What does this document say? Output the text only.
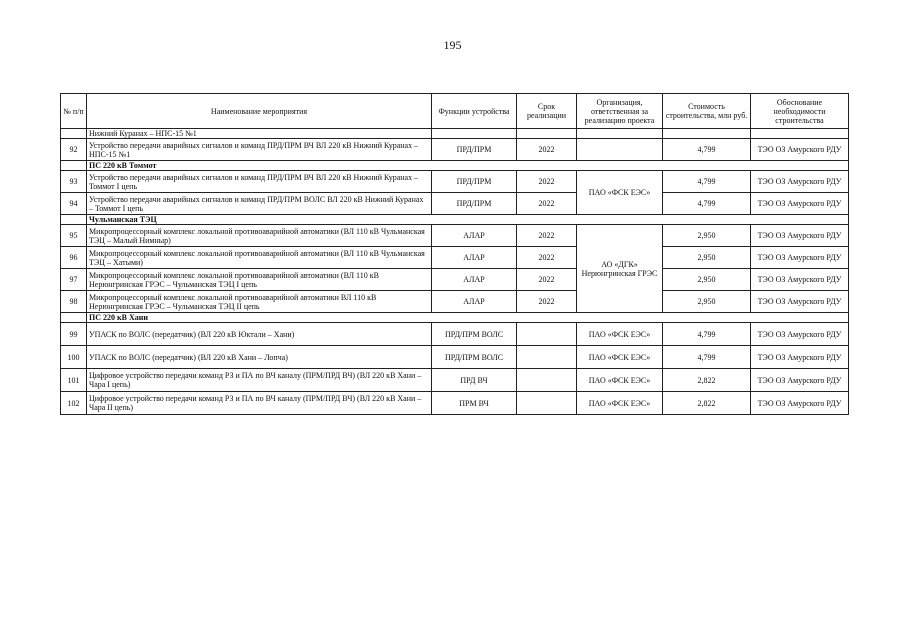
195
№ п/п	Наименование мероприятия	Функции устройства	Срок реализации	Организация, ответственная за реализацию проекта	Стоимость строительства, млн руб.	Обоснование необходимости строительства
	Нижний Куранах – НПС-15 №1					
92	Устройство передачи аварийных сигналов и команд ПРД/ПРМ ВЧ ВЛ 220 кВ Нижний Куранах – НПС-15 №1	ПРД/ПРМ	2022		4,799	ТЭО ОЗ Амурского РДУ
	ПС 220 кВ Томмот					
93	Устройство передачи аварийных сигналов и команд ПРД/ПРМ ВЧ ВЛ 220 кВ Нижний Куранах – Томмот I цепь	ПРД/ПРМ	2022	ПАО «ФСК ЕЭС»	4,799	ТЭО ОЗ Амурского РДУ
94	Устройство передачи аварийных сигналов и команд ПРД/ПРМ ВОЛС ВЛ 220 кВ Нижний Куранах – Томмот I цепь	ПРД/ПРМ	2022		4,799	ТЭО ОЗ Амурского РДУ
	Чульманская ТЭЦ					
95	Микропроцессорный комплекс локальной противоаварийной автоматики (ВЛ 110 кВ Чульманская ТЭЦ – Малый Нимныр)	АЛАР	2022	АО «ДГК» Нерюнгринская ГРЭС	2,950	ТЭО ОЗ Амурского РДУ
96	Микропроцессорный комплекс локальной противоаварийной автоматики (ВЛ 110 кВ Чульманская ТЭЦ – Хатыми)	АЛАР	2022		2,950	ТЭО ОЗ Амурского РДУ
97	Микропроцессорный комплекс локальной противоаварийной автоматики (ВЛ 110 кВ Нерюнгринская ГРЭС – Чульманская ТЭЦ I цепь	АЛАР	2022		2,950	ТЭО ОЗ Амурского РДУ
98	Микропроцессорный комплекс локальной противоаварийной автоматики ВЛ 110 кВ Нерюнгринская ГРЭС – Чульманская ТЭЦ II цепь	АЛАР	2022		2,950	ТЭО ОЗ Амурского РДУ
	ПС 220 кВ Хани					
99	УПАСК по ВОЛС (передатчик) (ВЛ 220 кВ Юктали – Хани)	ПРД/ПРМ ВОЛС		ПАО «ФСК ЕЭС»	4,799	ТЭО ОЗ Амурского РДУ
100	УПАСК по ВОЛС (передатчик) (ВЛ 220 кВ Хани – Лопча)	ПРД/ПРМ ВОЛС		ПАО «ФСК ЕЭС»	4,799	ТЭО ОЗ Амурского РДУ
101	Цифровое устройство передачи команд РЗ и ПА по ВЧ каналу (ПРМ/ПРД ВЧ) (ВЛ 220 кВ Хани – Чара I цепь)	ПРД ВЧ		ПАО «ФСК ЕЭС»	2,822	ТЭО ОЗ Амурского РДУ
102	Цифровое устройство передачи команд РЗ и ПА по ВЧ каналу (ПРМ/ПРД ВЧ) (ВЛ 220 кВ Хани – Чара II цепь)	ПРМ ВЧ		ПАО «ФСК ЕЭС»	2,822	ТЭО ОЗ Амурского РДУ
